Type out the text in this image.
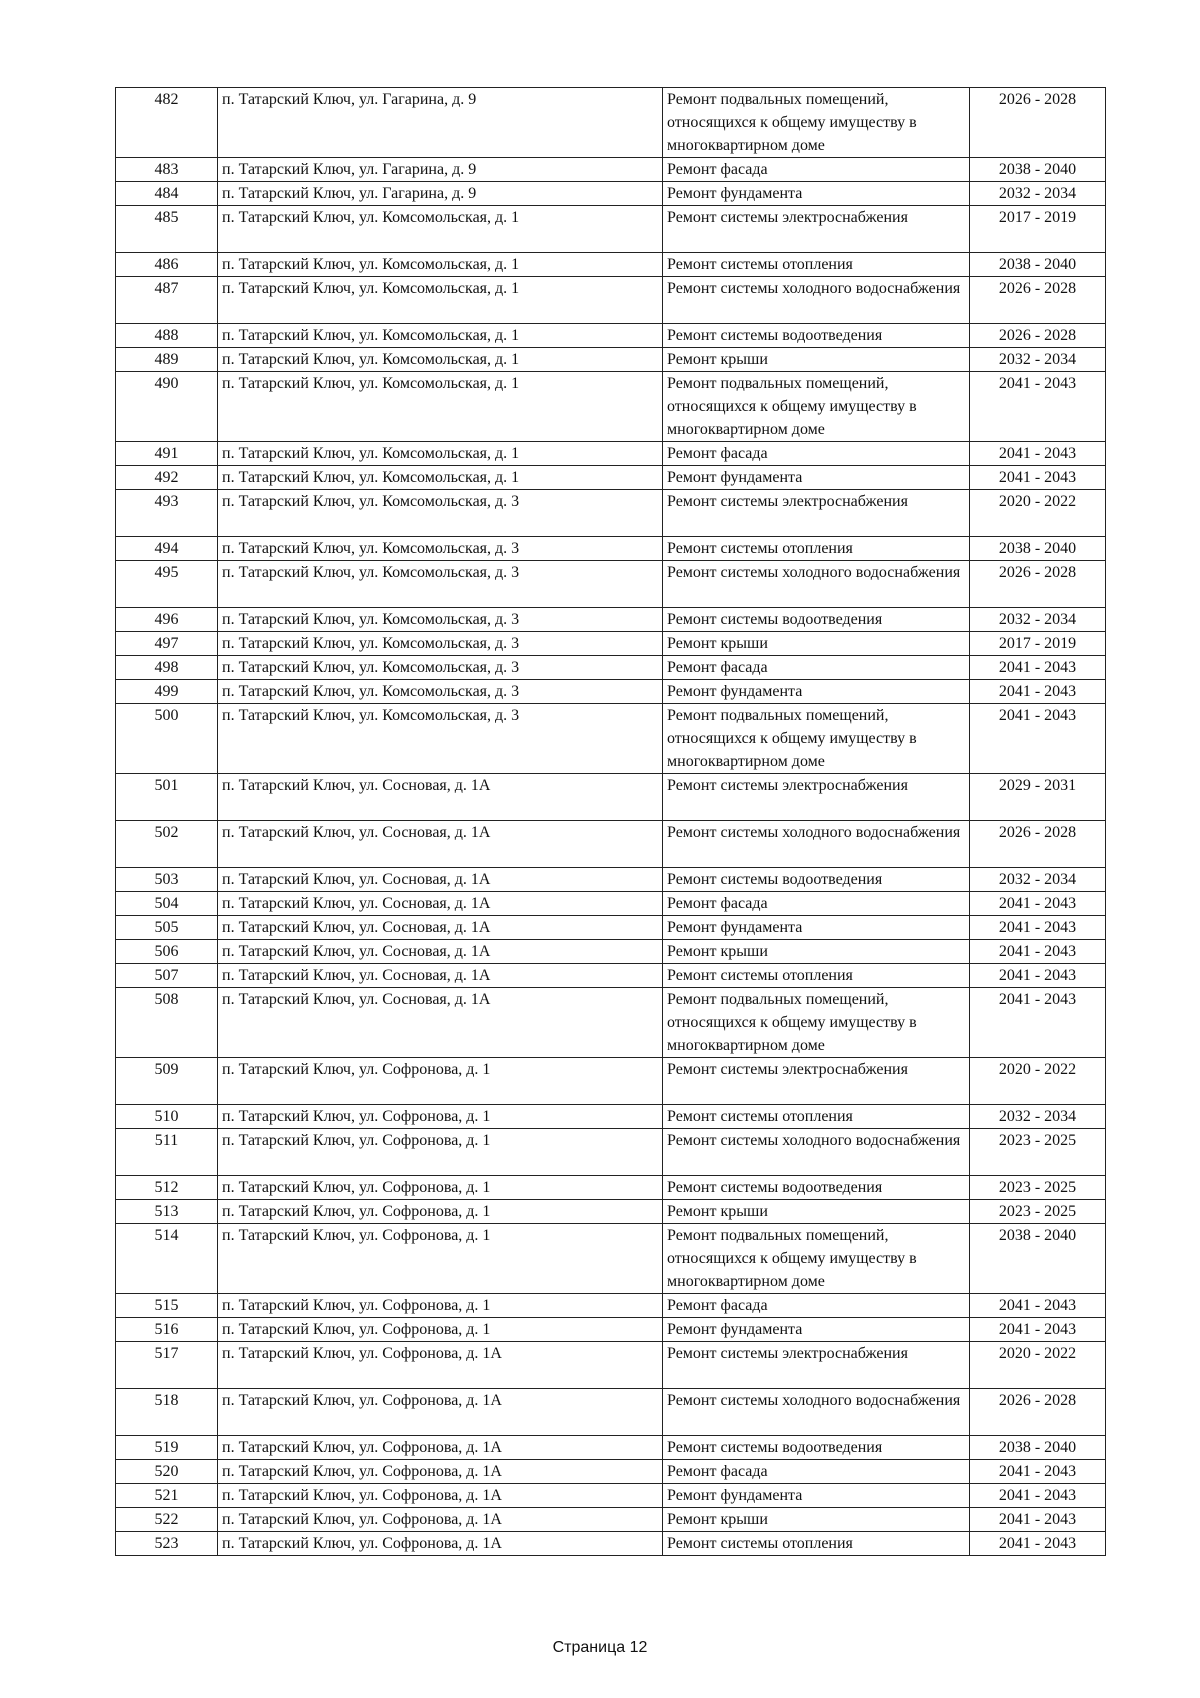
482	п. Татарский Ключ, ул. Гагарина, д. 9	Ремонт подвальных помещений, относящихся к общему имуществу в многоквартирном доме	2026 - 2028
483	п. Татарский Ключ, ул. Гагарина, д. 9	Ремонт фасада	2038 - 2040
484	п. Татарский Ключ, ул. Гагарина, д. 9	Ремонт фундамента	2032 - 2034
485	п. Татарский Ключ, ул. Комсомольская, д. 1	Ремонт системы электроснабжения	2017 - 2019
486	п. Татарский Ключ, ул. Комсомольская, д. 1	Ремонт системы отопления	2038 - 2040
487	п. Татарский Ключ, ул. Комсомольская, д. 1	Ремонт системы холодного водоснабжения	2026 - 2028
488	п. Татарский Ключ, ул. Комсомольская, д. 1	Ремонт системы водоотведения	2026 - 2028
489	п. Татарский Ключ, ул. Комсомольская, д. 1	Ремонт крыши	2032 - 2034
490	п. Татарский Ключ, ул. Комсомольская, д. 1	Ремонт подвальных помещений, относящихся к общему имуществу в многоквартирном доме	2041 - 2043
491	п. Татарский Ключ, ул. Комсомольская, д. 1	Ремонт фасада	2041 - 2043
492	п. Татарский Ключ, ул. Комсомольская, д. 1	Ремонт фундамента	2041 - 2043
493	п. Татарский Ключ, ул. Комсомольская, д. 3	Ремонт системы электроснабжения	2020 - 2022
494	п. Татарский Ключ, ул. Комсомольская, д. 3	Ремонт системы отопления	2038 - 2040
495	п. Татарский Ключ, ул. Комсомольская, д. 3	Ремонт системы холодного водоснабжения	2026 - 2028
496	п. Татарский Ключ, ул. Комсомольская, д. 3	Ремонт системы водоотведения	2032 - 2034
497	п. Татарский Ключ, ул. Комсомольская, д. 3	Ремонт крыши	2017 - 2019
498	п. Татарский Ключ, ул. Комсомольская, д. 3	Ремонт фасада	2041 - 2043
499	п. Татарский Ключ, ул. Комсомольская, д. 3	Ремонт фундамента	2041 - 2043
500	п. Татарский Ключ, ул. Комсомольская, д. 3	Ремонт подвальных помещений, относящихся к общему имуществу в многоквартирном доме	2041 - 2043
501	п. Татарский Ключ, ул. Сосновая, д. 1А	Ремонт системы электроснабжения	2029 - 2031
502	п. Татарский Ключ, ул. Сосновая, д. 1А	Ремонт системы холодного водоснабжения	2026 - 2028
503	п. Татарский Ключ, ул. Сосновая, д. 1А	Ремонт системы водоотведения	2032 - 2034
504	п. Татарский Ключ, ул. Сосновая, д. 1А	Ремонт фасада	2041 - 2043
505	п. Татарский Ключ, ул. Сосновая, д. 1А	Ремонт фундамента	2041 - 2043
506	п. Татарский Ключ, ул. Сосновая, д. 1А	Ремонт крыши	2041 - 2043
507	п. Татарский Ключ, ул. Сосновая, д. 1А	Ремонт системы отопления	2041 - 2043
508	п. Татарский Ключ, ул. Сосновая, д. 1А	Ремонт подвальных помещений, относящихся к общему имуществу в многоквартирном доме	2041 - 2043
509	п. Татарский Ключ, ул. Софронова, д. 1	Ремонт системы электроснабжения	2020 - 2022
510	п. Татарский Ключ, ул. Софронова, д. 1	Ремонт системы отопления	2032 - 2034
511	п. Татарский Ключ, ул. Софронова, д. 1	Ремонт системы холодного водоснабжения	2023 - 2025
512	п. Татарский Ключ, ул. Софронова, д. 1	Ремонт системы водоотведения	2023 - 2025
513	п. Татарский Ключ, ул. Софронова, д. 1	Ремонт крыши	2023 - 2025
514	п. Татарский Ключ, ул. Софронова, д. 1	Ремонт подвальных помещений, относящихся к общему имуществу в многоквартирном доме	2038 - 2040
515	п. Татарский Ключ, ул. Софронова, д. 1	Ремонт фасада	2041 - 2043
516	п. Татарский Ключ, ул. Софронова, д. 1	Ремонт фундамента	2041 - 2043
517	п. Татарский Ключ, ул. Софронова, д. 1А	Ремонт системы электроснабжения	2020 - 2022
518	п. Татарский Ключ, ул. Софронова, д. 1А	Ремонт системы холодного водоснабжения	2026 - 2028
519	п. Татарский Ключ, ул. Софронова, д. 1А	Ремонт системы водоотведения	2038 - 2040
520	п. Татарский Ключ, ул. Софронова, д. 1А	Ремонт фасада	2041 - 2043
521	п. Татарский Ключ, ул. Софронова, д. 1А	Ремонт фундамента	2041 - 2043
522	п. Татарский Ключ, ул. Софронова, д. 1А	Ремонт крыши	2041 - 2043
523	п. Татарский Ключ, ул. Софронова, д. 1А	Ремонт системы отопления	2041 - 2043
Страница 12
